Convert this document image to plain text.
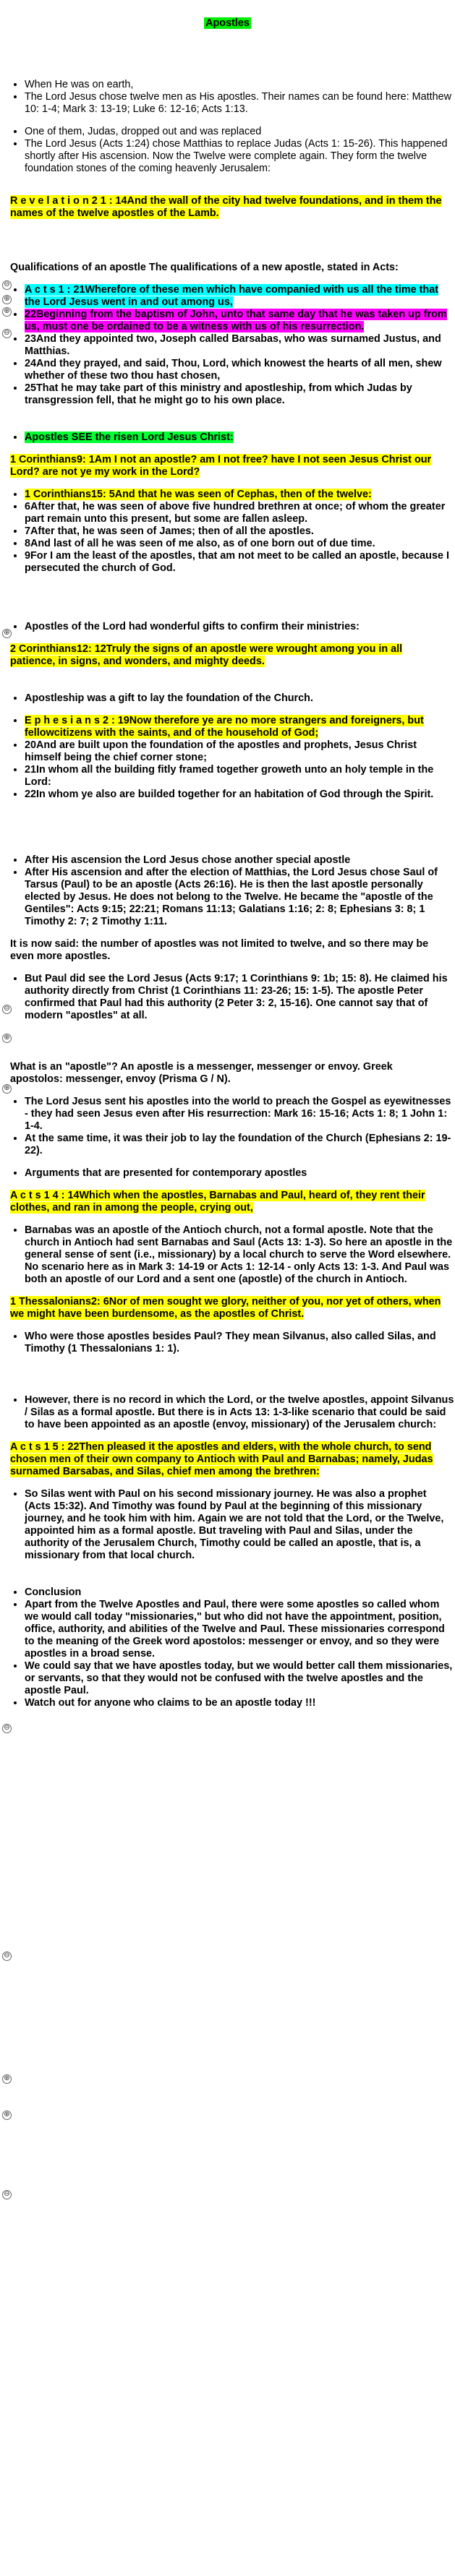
Apostles
• When He was on earth,
• The Lord Jesus chose twelve men as His apostles. Their names can be found here: Matthew 10: 1-4; Mark 3: 13-19; Luke 6: 12-16; Acts 1:13.
• One of them, Judas, dropped out and was replaced
• The Lord Jesus (Acts 1:24) chose Matthias to replace Judas (Acts 1: 15-26). This happened shortly after His ascension. Now the Twelve were complete again. They form the twelve foundation stones of the coming heavenly Jerusalem:

R e v e l a t i o n 2 1 : 14And the wall of the city had twelve foundations, and in them the names of the twelve apostles of the Lamb.

Qualifications of an apostle The qualifications of a new apostle, stated in Acts:

• A c t s 1 : 21Wherefore of these men which have companied with us all the time that the Lord Jesus went in and out among us,
• 22Beginning from the baptism of John, unto that same day that he was taken up from us, must one be ordained to be a witness with us of his resurrection.
• 23And they appointed two, Joseph called Barsabas, who was surnamed Justus, and Matthias.
• 24And they prayed, and said, Thou, Lord, which knowest the hearts of all men, shew whether of these two thou hast chosen,
• 25That he may take part of this ministry and apostleship, from which Judas by transgression fell, that he might go to his own place.
• Apostles SEE the risen Lord Jesus Christ:

1 Corinthians9: 1Am I not an apostle? am I not free? have I not seen Jesus Christ our Lord? are not ye my work in the Lord?

• 1 Corinthians15: 5And that he was seen of Cephas, then of the twelve:
• 6After that, he was seen of above five hundred brethren at once; of whom the greater part remain unto this present, but some are fallen asleep.
• 7After that, he was seen of James; then of all the apostles.
• 8And last of all he was seen of me also, as of one born out of due time.
• 9For I am the least of the apostles, that am not meet to be called an apostle, because I persecuted the church of God.
• Apostles of the Lord had wonderful gifts to confirm their ministries:

2 Corinthians12: 12Truly the signs of an apostle were wrought among you in all patience, in signs, and wonders, and mighty deeds.

• Apostleship was a gift to lay the foundation of the Church.
• E p h e s i a n s 2 : 19Now therefore ye are no more strangers and foreigners, but fellowcitizens with the saints, and of the household of God;
• 20And are built upon the foundation of the apostles and prophets, Jesus Christ himself being the chief corner stone;
• 21In whom all the building fitly framed together groweth unto an holy temple in the Lord:
• 22In whom ye also are builded together for an habitation of God through the Spirit.
• After His ascension the Lord Jesus chose another special apostle
• After His ascension and after the election of Matthias, the Lord Jesus chose Saul of Tarsus (Paul) to be an apostle (Acts 26:16). He is then the last apostle personally elected by Jesus. He does not belong to the Twelve. He became the "apostle of the Gentiles": Acts 9:15; 22:21; Romans 11:13; Galatians 1:16; 2: 8; Ephesians 3: 8; 1 Timothy 2: 7; 2 Timothy 1:11.

It is now said: the number of apostles was not limited to twelve, and so there may be even more apostles.

• But Paul did see the Lord Jesus (Acts 9:17; 1 Corinthians 9: 1b; 15: 8). He claimed his authority directly from Christ (1 Corinthians 11: 23-26; 15: 1-5). The apostle Peter confirmed that Paul had this authority (2 Peter 3: 2, 15-16). One cannot say that of modern "apostles" at all.

What is an "apostle"? An apostle is a messenger, messenger or envoy. Greek apostolos: messenger, envoy (Prisma G / N).

• The Lord Jesus sent his apostles into the world to preach the Gospel as eyewitnesses - they had seen Jesus even after His resurrection: Mark 16: 15-16; Acts 1: 8; 1 John 1: 1-4.
• At the same time, it was their job to lay the foundation of the Church (Ephesians 2: 19-22).
• Arguments that are presented for contemporary apostles

A c t s 1 4 : 14Which when the apostles, Barnabas and Paul, heard of, they rent their clothes, and ran in among the people, crying out,

• Barnabas was an apostle of the Antioch church, not a formal apostle. Note that the church in Antioch had sent Barnabas and Saul (Acts 13: 1-3). So here an apostle in the general sense of sent (i.e., missionary) by a local church to serve the Word elsewhere. No scenario here as in Mark 3: 14-19 or Acts 1: 12-14 - only Acts 13: 1-3. And Paul was both an apostle of our Lord and a sent one (apostle) of the church in Antioch.

1 Thessalonians2: 6Nor of men sought we glory, neither of you, nor yet of others, when we might have been burdensome, as the apostles of Christ.

• Who were those apostles besides Paul? They mean Silvanus, also called Silas, and Timothy (1 Thessalonians 1: 1).
• However, there is no record in which the Lord, or the twelve apostles, appoint Silvanus / Silas as a formal apostle. But there is in Acts 13: 1-3-like scenario that could be said to have been appointed as an apostle (envoy, missionary) of the Jerusalem church:

A c t s 1 5 : 22Then pleased it the apostles and elders, with the whole church, to send chosen men of their own company to Antioch with Paul and Barnabas; namely, Judas surnamed Barsabas, and Silas, chief men among the brethren:

• So Silas went with Paul on his second missionary journey. He was also a prophet (Acts 15:32). And Timothy was found by Paul at the beginning of this missionary journey, and he took him with him. Again we are not told that the Lord, or the Twelve, appointed him as a formal apostle. But traveling with Paul and Silas, under the authority of the Jerusalem Church, Timothy could be called an apostle, that is, a missionary from that local church.
• Conclusion
• Apart from the Twelve Apostles and Paul, there were some apostles so called whom we would call today "missionaries," but who did not have the appointment, position, office, authority, and abilities of the Twelve and Paul. These missionaries correspond to the meaning of the Greek word apostolos: messenger or envoy, and so they were apostles in a broad sense.
• We could say that we have apostles today, but we would better call them missionaries, or servants, so that they would not be confused with the twelve apostles and the apostle Paul.
• Watch out for anyone who claims to be an apostle today !!!
⊖
⊕
⊕
⊖
⊕
⊖
⊕
⊕
⊖
⊖
⊕
⊕
⊖
